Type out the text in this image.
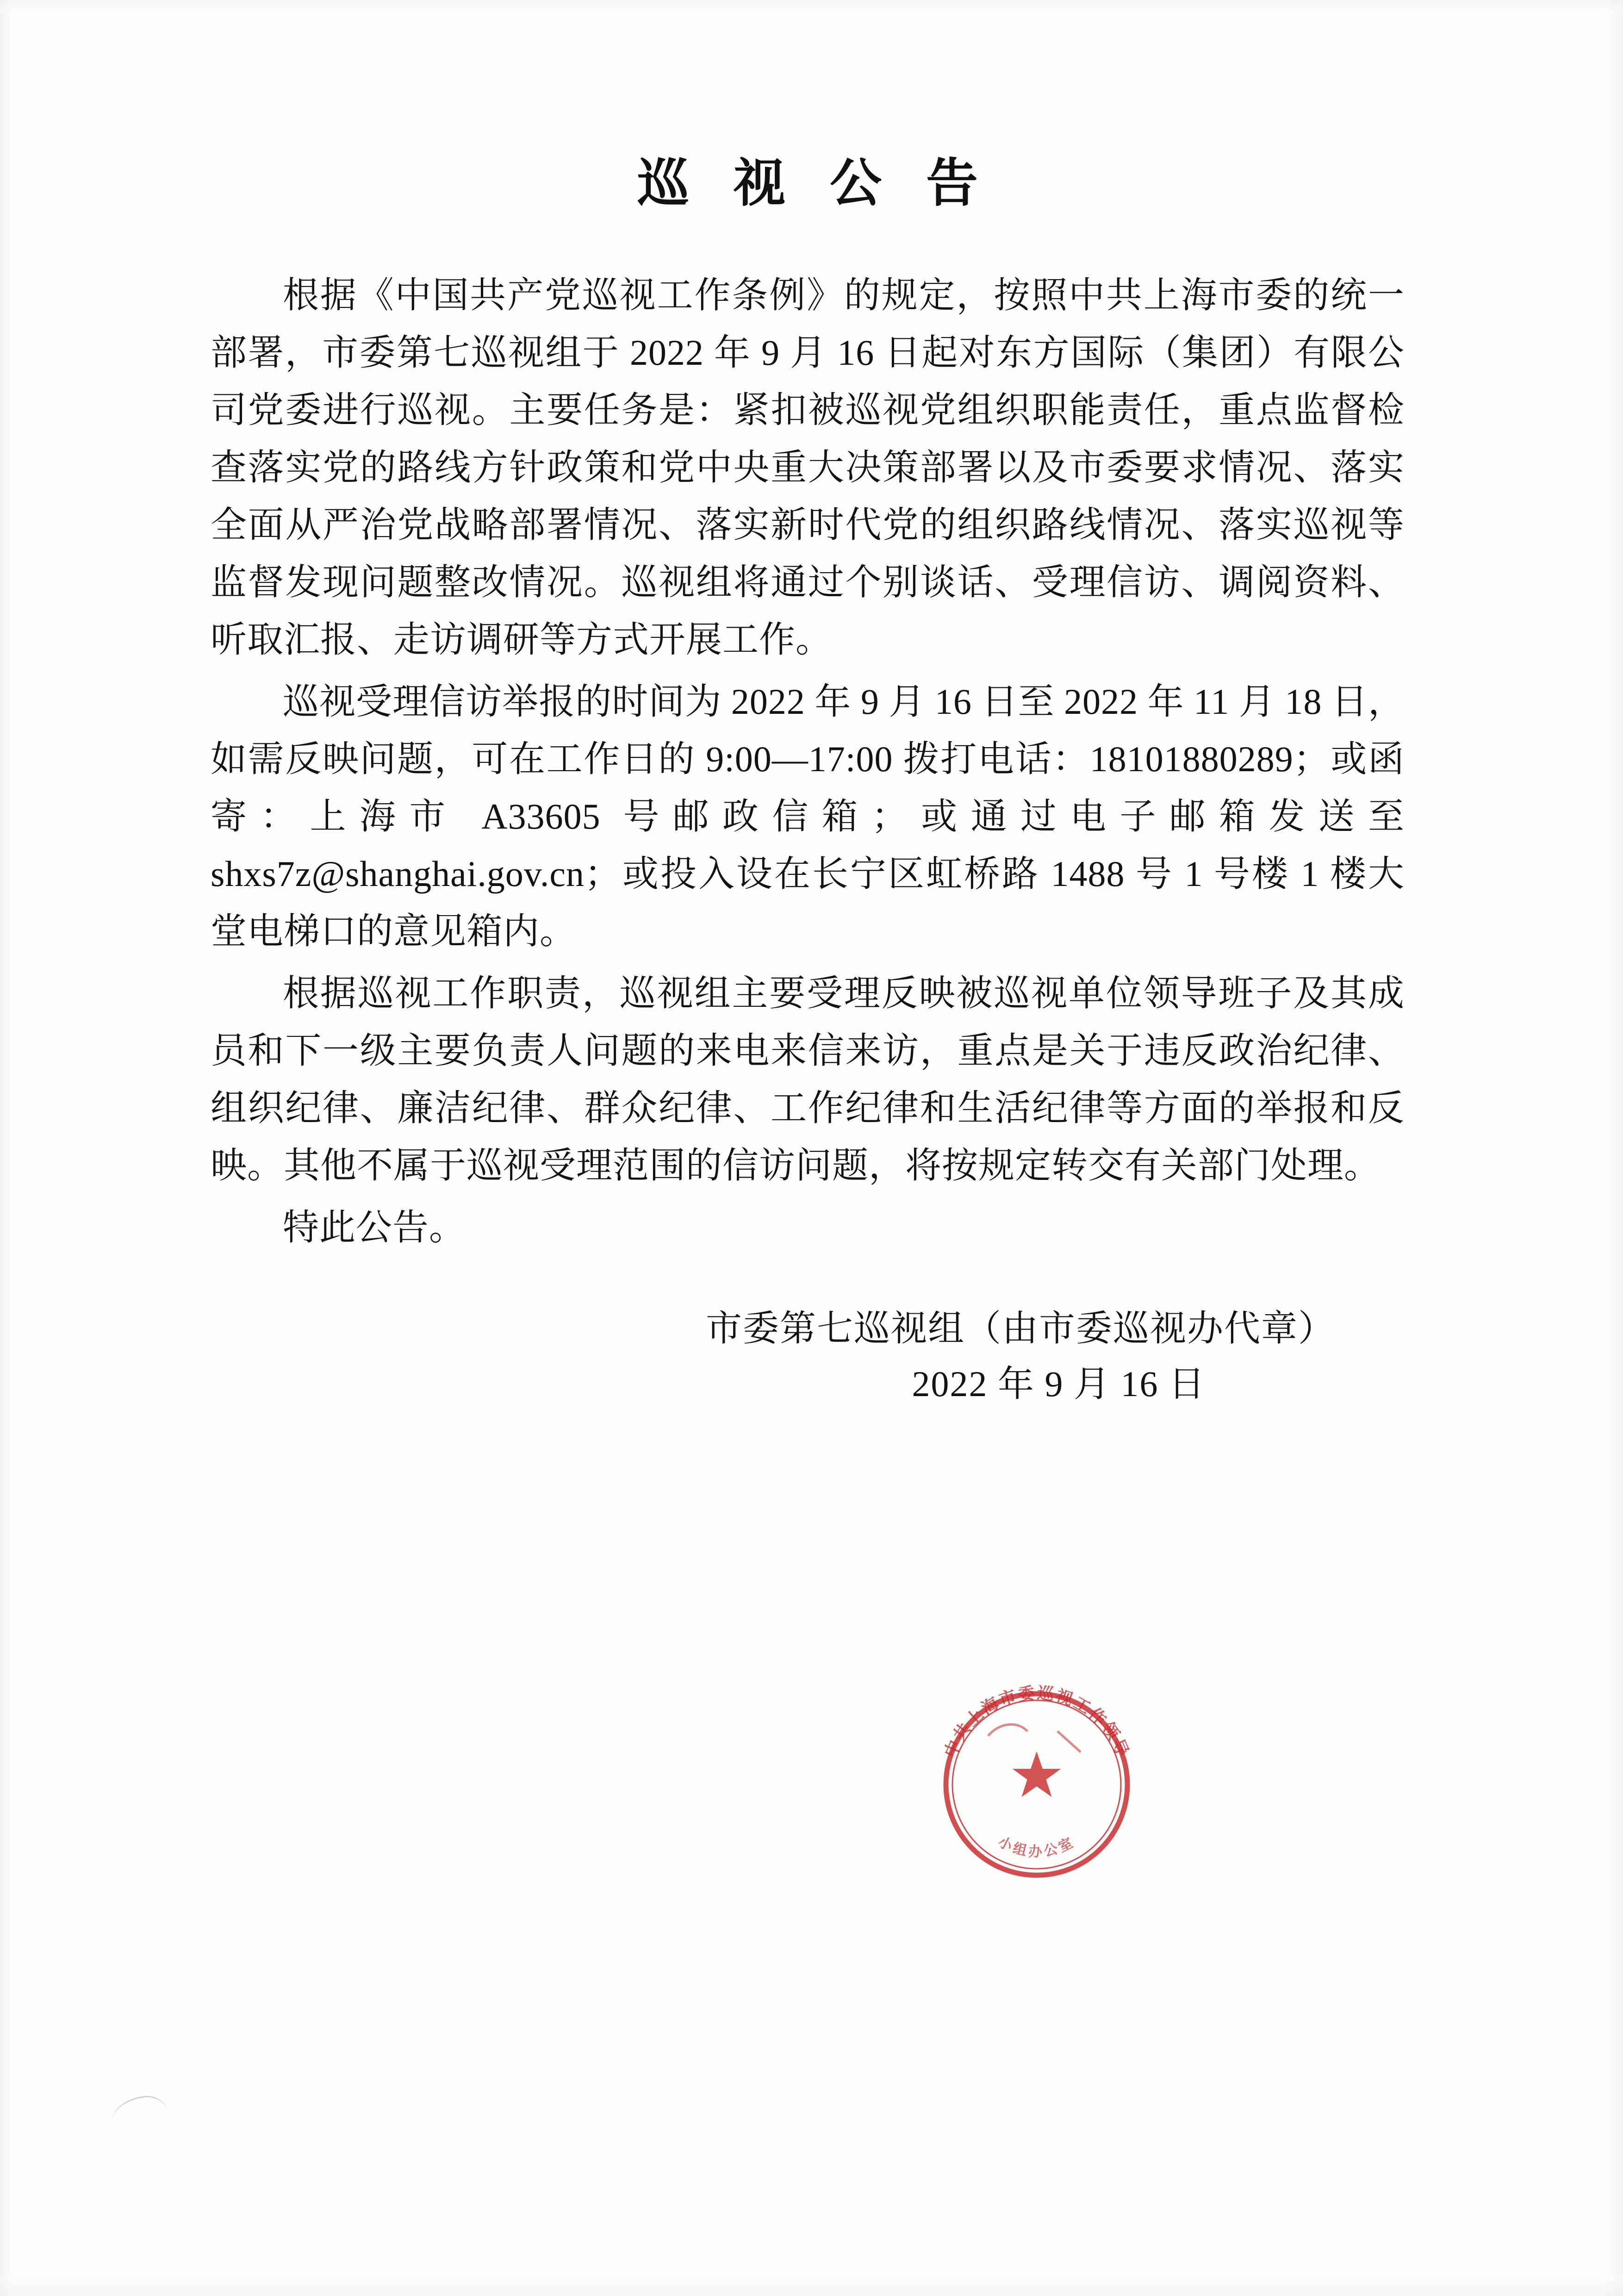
巡 视 公 告

根据《中国共产党巡视工作条例》的规定，按照中共上海市委的统一部署，市委第七巡视组于 2022 年 9 月 16 日起对东方国际（集团）有限公司党委进行巡视。主要任务是：紧扣被巡视党组织职能责任，重点监督检查落实党的路线方针政策和党中央重大决策部署以及市委要求情况、落实全面从严治党战略部署情况、落实新时代党的组织路线情况、落实巡视等监督发现问题整改情况。巡视组将通过个别谈话、受理信访、调阅资料、听取汇报、走访调研等方式开展工作。

巡视受理信访举报的时间为 2022 年 9 月 16 日至 2022 年 11 月 18 日，如需反映问题，可在工作日的 9:00—17:00 拨打电话：18101880289；或函寄：上海市 A33605 号邮政信箱；或通过电子邮箱发送至 shxs7z@shanghai.gov.cn；或投入设在长宁区虹桥路 1488 号 1 号楼 1 楼大堂电梯口的意见箱内。

根据巡视工作职责，巡视组主要受理反映被巡视单位领导班子及其成员和下一级主要负责人问题的来电来信来访，重点是关于违反政治纪律、组织纪律、廉洁纪律、群众纪律、工作纪律和生活纪律等方面的举报和反映。其他不属于巡视受理范围的信访问题，将按规定转交有关部门处理。

特此公告。

市委第七巡视组（由市委巡视办代章）
2022 年 9 月 16 日
中共上海市委巡视工作领导
小组办公室
